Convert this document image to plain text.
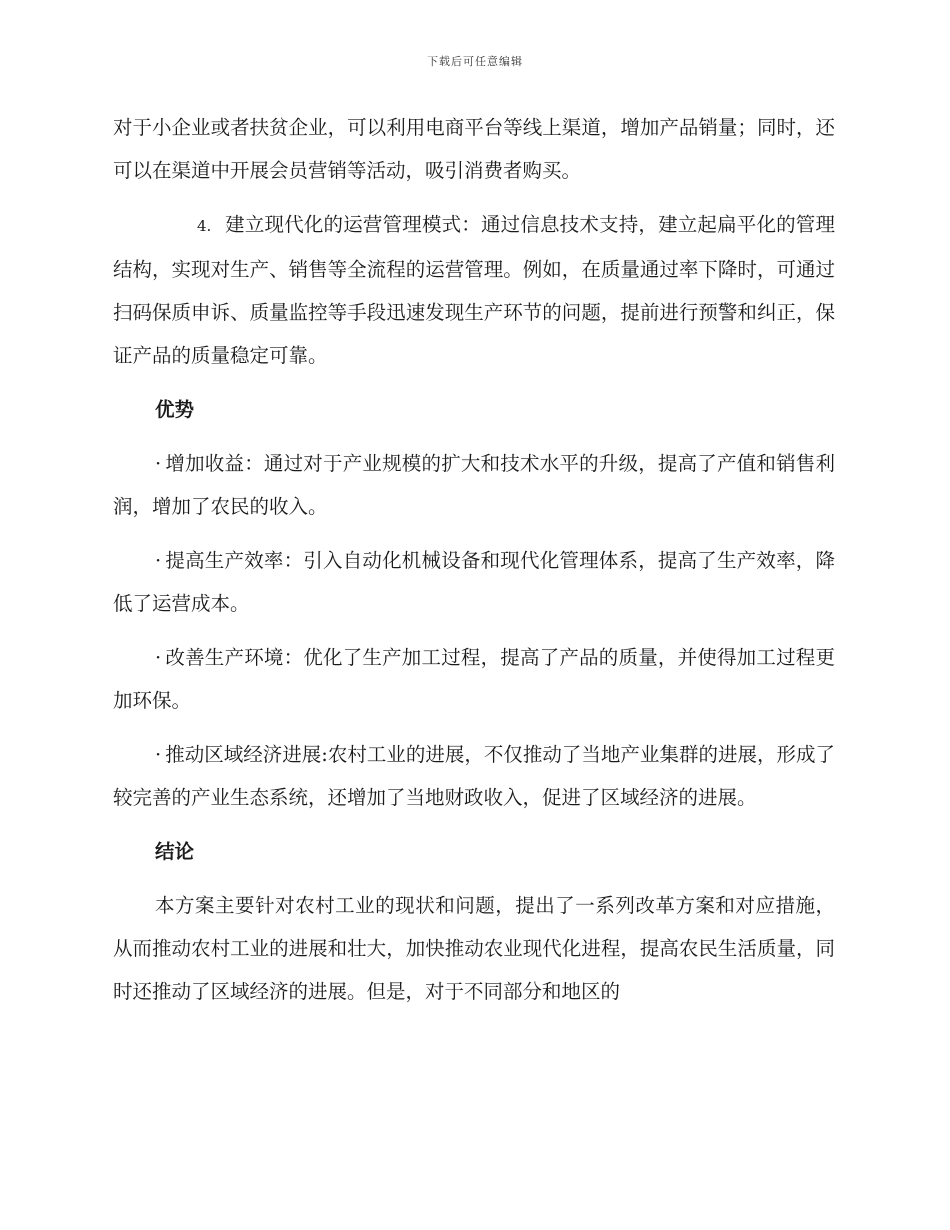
下载后可任意编辑

对于小企业或者扶贫企业，可以利用电商平台等线上渠道，增加产品销量；同时，还可以在渠道中开展会员营销等活动，吸引消费者购买。

4. 建立现代化的运营管理模式：通过信息技术支持，建立起扁平化的管理结构，实现对生产、销售等全流程的运营管理。例如，在质量通过率下降时，可通过扫码保质申诉、质量监控等手段迅速发现生产环节的问题，提前进行预警和纠正，保证产品的质量稳定可靠。

优势

· 增加收益：通过对于产业规模的扩大和技术水平的升级，提高了产值和销售利润，增加了农民的收入。

· 提高生产效率：引入自动化机械设备和现代化管理体系，提高了生产效率，降低了运营成本。

· 改善生产环境：优化了生产加工过程，提高了产品的质量，并使得加工过程更加环保。

· 推动区域经济进展:农村工业的进展，不仅推动了当地产业集群的进展，形成了较完善的产业生态系统，还增加了当地财政收入，促进了区域经济的进展。

结论

本方案主要针对农村工业的现状和问题，提出了一系列改革方案和对应措施，从而推动农村工业的进展和壮大，加快推动农业现代化进程，提高农民生活质量，同时还推动了区域经济的进展。但是，对于不同部分和地区的
